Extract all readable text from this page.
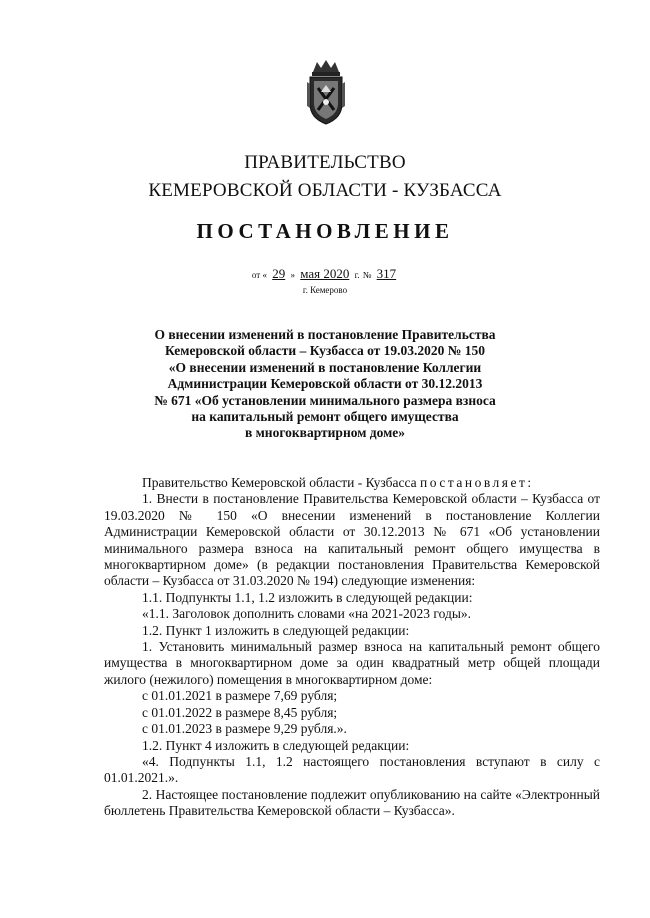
ПРАВИТЕЛЬСТВО
КЕМЕРОВСКОЙ ОБЛАСТИ - КУЗБАССА
ПОСТАНОВЛЕНИЕ
от « 29 » мая 2020 г. № 317
г. Кемерово
О внесении изменений в постановление Правительства
Кемеровской области – Кузбасса от 19.03.2020 № 150
«О внесении изменений в постановление Коллегии
Администрации Кемеровской области от 30.12.2013
№ 671 «Об установлении минимального размера взноса
на капитальный ремонт общего имущества
в многоквартирном доме»

Правительство Кемеровской области - Кузбасса постановляет:

1. Внести в постановление Правительства Кемеровской области – Кузбасса от 19.03.2020 № 150 «О внесении изменений в постановление Коллегии Администрации Кемеровской области от 30.12.2013 № 671 «Об установлении минимального размера взноса на капитальный ремонт общего имущества в многоквартирном доме» (в редакции постановления Правительства Кемеровской области – Кузбасса от 31.03.2020 № 194) следующие изменения:

1.1. Подпункты 1.1, 1.2 изложить в следующей редакции:

«1.1. Заголовок дополнить словами «на 2021-2023 годы».

1.2. Пункт 1 изложить в следующей редакции:

1. Установить минимальный размер взноса на капитальный ремонт общего имущества в многоквартирном доме за один квадратный метр общей площади жилого (нежилого) помещения в многоквартирном доме:

с 01.01.2021 в размере 7,69 рубля;

с 01.01.2022 в размере 8,45 рубля;

с 01.01.2023 в размере 9,29 рубля.».

1.2. Пункт 4 изложить в следующей редакции:

«4. Подпункты 1.1, 1.2 настоящего постановления вступают в силу с 01.01.2021.».

2. Настоящее постановление подлежит опубликованию на сайте «Электронный бюллетень Правительства Кемеровской области – Кузбасса».
